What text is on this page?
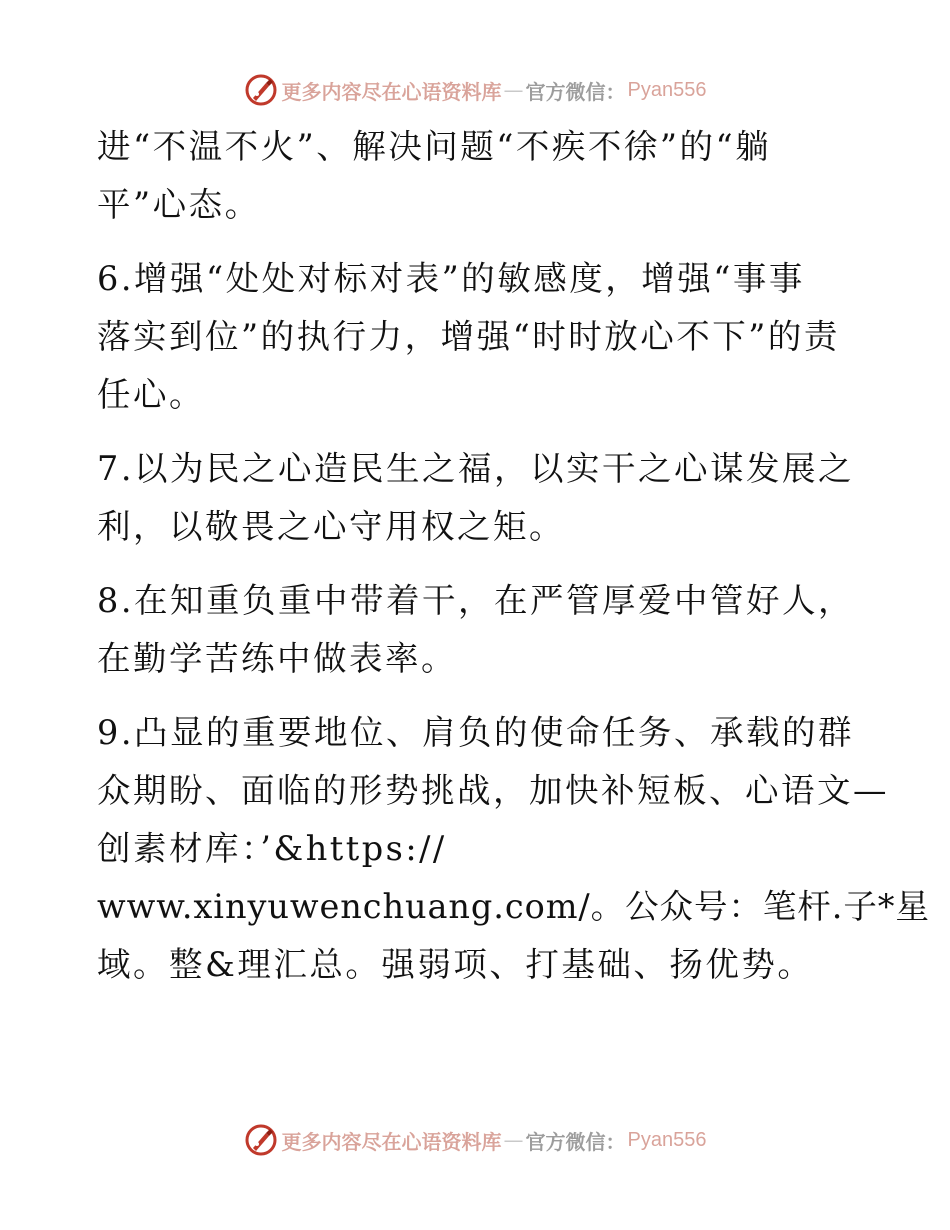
更多内容尽在心语资料库 — 官方微信： Pyan556
进“不温不火”、解决问题“不疾不徐”的“躺
平”心态。
6.增强“处处对标对表”的敏感度，增强“事事
落实到位”的执行力，增强“时时放心不下”的责
任心。
7.以为民之心造民生之福，以实干之心谋发展之
利，以敬畏之心守用权之矩。
8.在知重负重中带着干，在严管厚爱中管好人，
在勤学苦练中做表率。
9.凸显的重要地位、肩负的使命任务、承载的群
众期盼、面临的形势挑战，加快补短板、心语文—
创素材库：’&https://
www.xinyuwenchuang.com/。公众号：笔杆.子*星
域。整&理汇总。强弱项、打基础、扬优势。
更多内容尽在心语资料库 — 官方微信： Pyan556
